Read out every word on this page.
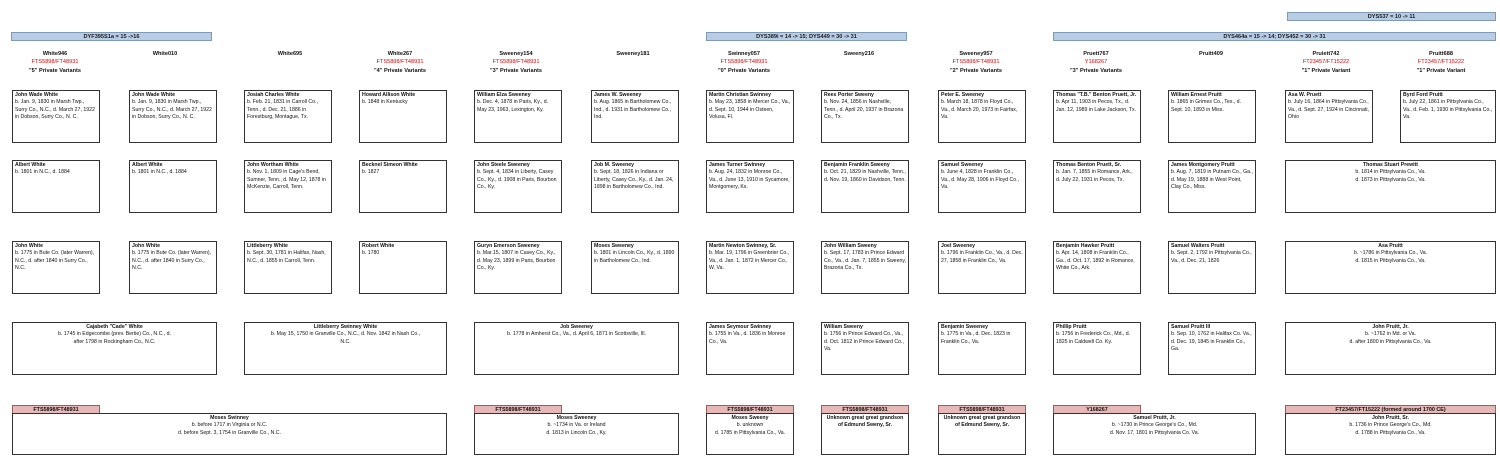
DYF395S1a = 15 ->16	DYS389i = 14 -> 15; DYS449 = 30 -> 31	DYS464a = 15 -> 14; DYS452 = 30 -> 31
DYS537 = 10 -> 11
White946
FTS5898/FT48931
"5" Private Variants
White010	White695	White267
FTS5898/FT48931
"4" Private Variants
Sweeney154
FTS5898/FT48931
"3" Private Variants
Sweeney181	Swinney057
FTS5898/FT48931
"0" Private Variants
Sweeny216	Sweeney957
FTS5898/FT48931
"2" Private Variants
Pruett767
Y168267
"3" Private Variants
Pruitt409	Pruiett742
FT23457/FT15222
"1" Private Variant
Pruitt688
FT23457/FT15222
"1" Private Variant
John Wade White
b. Jan. 9, 1830 in Marsh Twp., Surry Co., N.C., d. March 27, 1922 in Dobson, Surry Co., N. C.
John Wade White
b. Jan. 9, 1830 in Marsh Twp., Surry Co., N.C., d. March 27, 1922 in Dobson, Surry Co., N. C.
Josiah Charles White
b. Feb. 21, 1831 in Carroll Co., Tenn., d. Dec. 21, 1886 in Forestburg, Montague, Tx.
Howard Allison White
b. 1848 in Kentucky
William Elza Sweeney
b. Dec. 4, 1878 in Paris, Ky., d. May 23, 1963, Lexington, Ky.
James W. Sweeney
b. Aug. 1865 in Bartholomew Co., Ind., d. 1931 in Bartholomew Co., Ind.
Martin Christian Swinney
b. May 23, 1858 in Mercer Co., Va., d. Sept. 10, 1944 in Osteen, Volusa, Fl.
Rees Porter Sweeny
b. Nov. 24, 1856 in Nashville, Tenn., d. April 20, 1937 in Brazoria Co., Tx.
Peter E. Sweeney
b. March 18, 1878 in Floyd Co., Va., d. March 20, 1973 in Fairfax, Va.
Thomas "T.B." Benton Pruett, Jr.
b. Apr 11, 1903 in Pecos, Tx., d. Jan. 12, 1989 in Lake Jackson, Tx.
William Ernest Pruitt
b. 1865 in Grimes Co., Tex., d. Sept. 10, 1893 in Miss.
Asa W. Pruett
b. July 16, 1864 in Pittsylvania Co., Va., d. Sept. 27, 1924 in Cincinnati, Ohio
Byrd Ford Pruitt
b. July 22, 1861 in Pittsylvania Co., Va., d. Feb. 1, 1930 in Pittsylvania Co., Va.
Albert White
b. 1801 in N.C., d. 1884
Albert White
b. 1801 in N.C., d. 1884
John Wortham White
b. Nov. 1, 1809 in Cage's Bend, Sumner, Tenn., d. May 12, 1878 in McKenzie, Carroll, Tenn.
Becknel Simeon White
b. 1827
John Steele Sweeney
b. Sept. 4, 1834 in Liberty, Casey Co., Ky., d. 1908 in Paris, Bourbon Co., Ky.
Job M. Sweeney
b. Sept. 18, 1826 in Indiana or Liberty, Casey Co., Ky., d. Jan. 24, 1898 in Bartholomew Co., Ind.
James Turner Swinney
b. Aug. 24, 1832 in Monroe Co., Va., d. June 13, 1910 in Sycamore, Montgomery, Ks.
Benjamin Franklin Sweeny
b. Oct. 21, 1829 in Nashville, Tenn., d. Nov. 19, 1860 in Davidson, Tenn.
Samuel Sweeney
b. June 4, 1828 in Franklin Co., Va., d. May 28, 1906 in Floyd Co., Va.
Thomas Benton Pruett, Sr.
b. Jan. 7, 1855 in Romance, Ark., d. July 22, 1931 in Pecos, Tx.
James Montgomery Pruitt
b. Aug. 7, 1819 in Putnam Co., Ga., d. May 19, 1888 in West Point, Clay Co., Miss.
Thomas Stuart Prewitt
b. 1814 in Pittsylvania Co., Va.
d. 1873 in Pittsylvania Co., Va.
John White
b. 1775 in Bute Co. (later Warren), N.C., d. after 1840 in Surry Co., N.C.
John White
b. 1775 in Bute Co. (later Warren), N.C., d. after 1840 in Surry Co., N.C.
Littleberry White
b. Sept. 30, 1781 in Halifax, Nash, N.C., d. 1855 in Carroll, Tenn.
Robert White
b. 1780
Guryn Emerson Sweeney
b. Mar.15, 1807 in Casey Co., Ky., d. May 23, 1899 in Paris, Bourbon Co., Ky.
Moses Sweeney
b. 1801 in Lincoln Co., Ky., d. 1890 in Bartholomew Co., Ind.
Martin Newton Swinney, Sr.
b. Mar. 19, 1796 in Greenbrier Co., Va., d. Jan. 1, 1872 in Mercer Co., W. Va.
John William Sweeny
b. Sept. 17, 1783 in Prince Edward Co., Va., d. Jan. 7, 1855 in Sweeny, Brazoria Co., Tx.
Joel Sweeney
b. 1796 in Franklin Co., Va., d. Dec. 27, 1858 in Franklin Co., Va.
Benjamin Hawker Pruitt
b. Apr. 14, 1808 in Franklin Co., Ga., d. Oct. 17, 1892 in Romance, White Co., Ark.
Samuel Walters Pruitt
b. Sept. 2, 1792 in Pittsylvania Co., Va., d. Dec. 21, 1826
Asa Pruitt
b. ~1786 in Pittsylvania Co., Va.
d. 1815 in Pittsylvania Co., Va.
Cajabeth "Cade" White
b. 1745 in Edgecombe (prev. Bertie) Co., N.C., d.
after 1798 in Rockingham Co., N.C.
Littleberry Swinney White
b. May 15, 1750 in Granville Co., N.C., d. Nov. 1842 in Nash Co.,
N.C.
Job Sweeney
b. 1778 in Amherst Co., Va., d. April 6, 1871 in Scottsville, Ill.
James Seymour Swinney
b. 1755 in Va., d. 1836 in Monroe Co., Va.
William Sweeny
b. 1756 in Prince Edward Co., Va., d. Oct. 1812 in Prince Edward Co., Va.
Benjamin Sweeney
b. 1775 in Va., d. Dec. 1823 in Franklin Co., Va.
Phillip Pruitt
b. 1756 in Frederick Co., Md., d. 1825 in Caldwell Co. Ky.
Samuel Pruitt III
b. Sep. 10, 1762 in Halifax Co. Va., d. Dec. 19, 1845 in Franklin Co., Ga.
John Pruitt, Jr.
b. ~1762 in Md. or Va.
d. after 1800 in Pittsylvania Co., Va.
FTS5898/FT48931	FTS5898/FT48931	FTS5898/FT48931	FTS5898/FT48931	FTS5898/FT48931	Y168267	FT23457/FT15222 (formed around 1700 CE)
Moses Swinney
b. before 1717 in Virginia or N.C.
d. before Sept. 3, 1754 in Granville Co., N.C.
Moses Sweeney
b. ~1734 in Va. or Ireland
d. 1813 in Lincoln Co., Ky.
Moses Sweeny
b. unknown
d. 1785 in Pittsylvania Co., Va.
Unknown great great grandson of Edmund Sweny, Sr.
Unknown great great grandson of Edmund Sweny, Sr.
Samuel Pruitt, Jr.
b. ~1730 in Prince George's Co., Md.
d. Nov. 17, 1801 in Pittsylvania Co. Va.
John Pruitt, Sr.
b. 1736 in Prince George's Co., Md.
d. 1788 in Pittsylvania Co., Va.
